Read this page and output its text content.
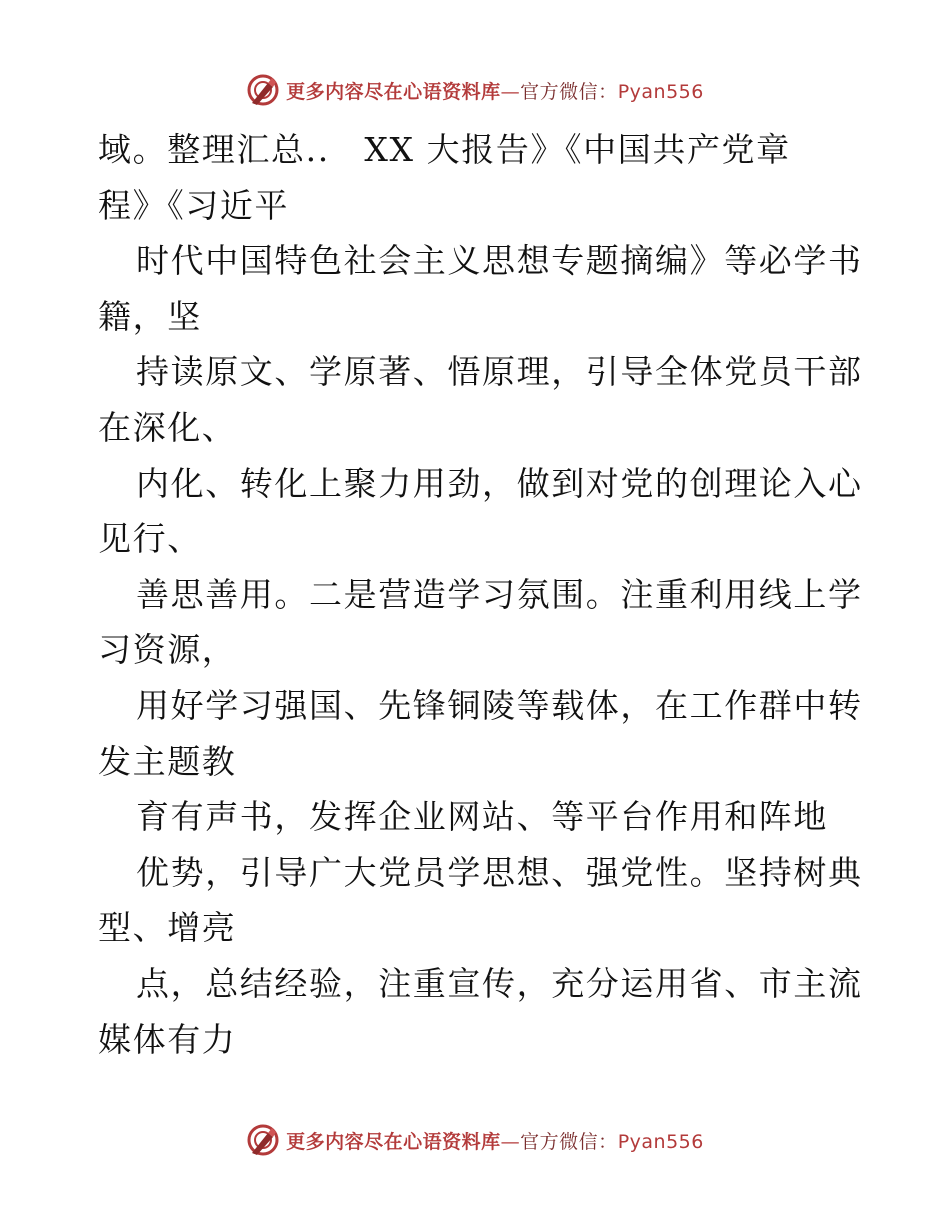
更多内容尽在心语资料库—官方微信：Pyan556
域。整理汇总..　XX 大报告》《中国共产党章
程》《习近平
时代中国特色社会主义思想专题摘编》等必学书
籍，坚
持读原文、学原著、悟原理，引导全体党员干部
在深化、
内化、转化上聚力用劲，做到对党的创理论入心
见行、
善思善用。二是营造学习氛围。注重利用线上学
习资源，
用好学习强国、先锋铜陵等载体，在工作群中转
发主题教
育有声书，发挥企业网站、等平台作用和阵地
优势，引导广大党员学思想、强党性。坚持树典
型、增亮
点，总结经验，注重宣传，充分运用省、市主流
媒体有力
更多内容尽在心语资料库—官方微信：Pyan556
